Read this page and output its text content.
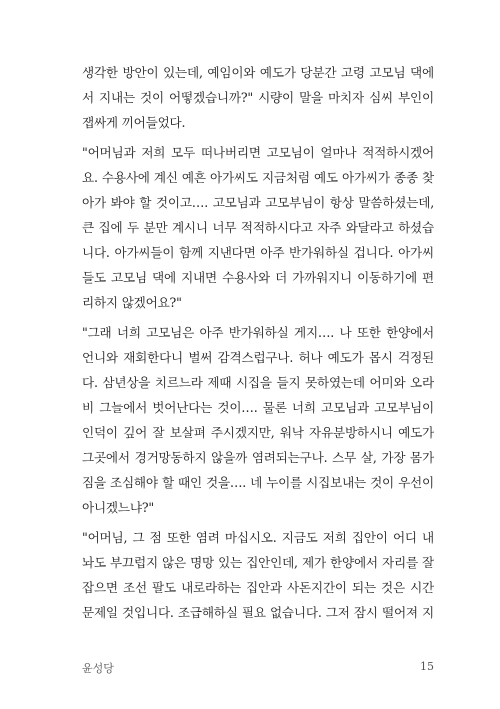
생각한 방안이 있는데, 예임이와 예도가 당분간 고령 고모님 댁에
서 지내는 것이 어떻겠습니까?" 시량이 말을 마치자 심씨 부인이
잽싸게 끼어들었다.
"어머님과 저희 모두 떠나버리면 고모님이 얼마나 적적하시겠어
요. 수용사에 계신 예흔 아가씨도 지금처럼 예도 아가씨가 종종 찾
아가 봐야 할 것이고…. 고모님과 고모부님이 항상 말씀하셨는데,
큰 집에 두 분만 계시니 너무 적적하시다고 자주 와달라고 하셨습
니다. 아가씨들이 함께 지낸다면 아주 반가워하실 겁니다. 아가씨
들도 고모님 댁에 지내면 수용사와 더 가까워지니 이동하기에 편
리하지 않겠어요?"
"그래 너희 고모님은 아주 반가워하실 게지…. 나 또한 한양에서
언니와 재회한다니 벌써 감격스럽구나. 허나 예도가 몹시 걱정된
다. 삼년상을 치르느라 제때 시집을 들지 못하였는데 어미와 오라
비 그늘에서 벗어난다는 것이…. 물론 너희 고모님과 고모부님이
인덕이 깊어 잘 보살펴 주시겠지만, 워낙 자유분방하시니 예도가
그곳에서 경거망동하지 않을까 염려되는구나. 스무 살, 가장 몸가
짐을 조심해야 할 때인 것을…. 네 누이를 시집보내는 것이 우선이
아니겠느냐?"
"어머님, 그 점 또한 염려 마십시오. 지금도 저희 집안이 어디 내
놔도 부끄럽지 않은 명망 있는 집안인데, 제가 한양에서 자리를 잘
잡으면 조선 팔도 내로라하는 집안과 사돈지간이 되는 것은 시간
문제일 것입니다. 조급해하실 필요 없습니다. 그저 잠시 떨어져 지
윤성당	15
